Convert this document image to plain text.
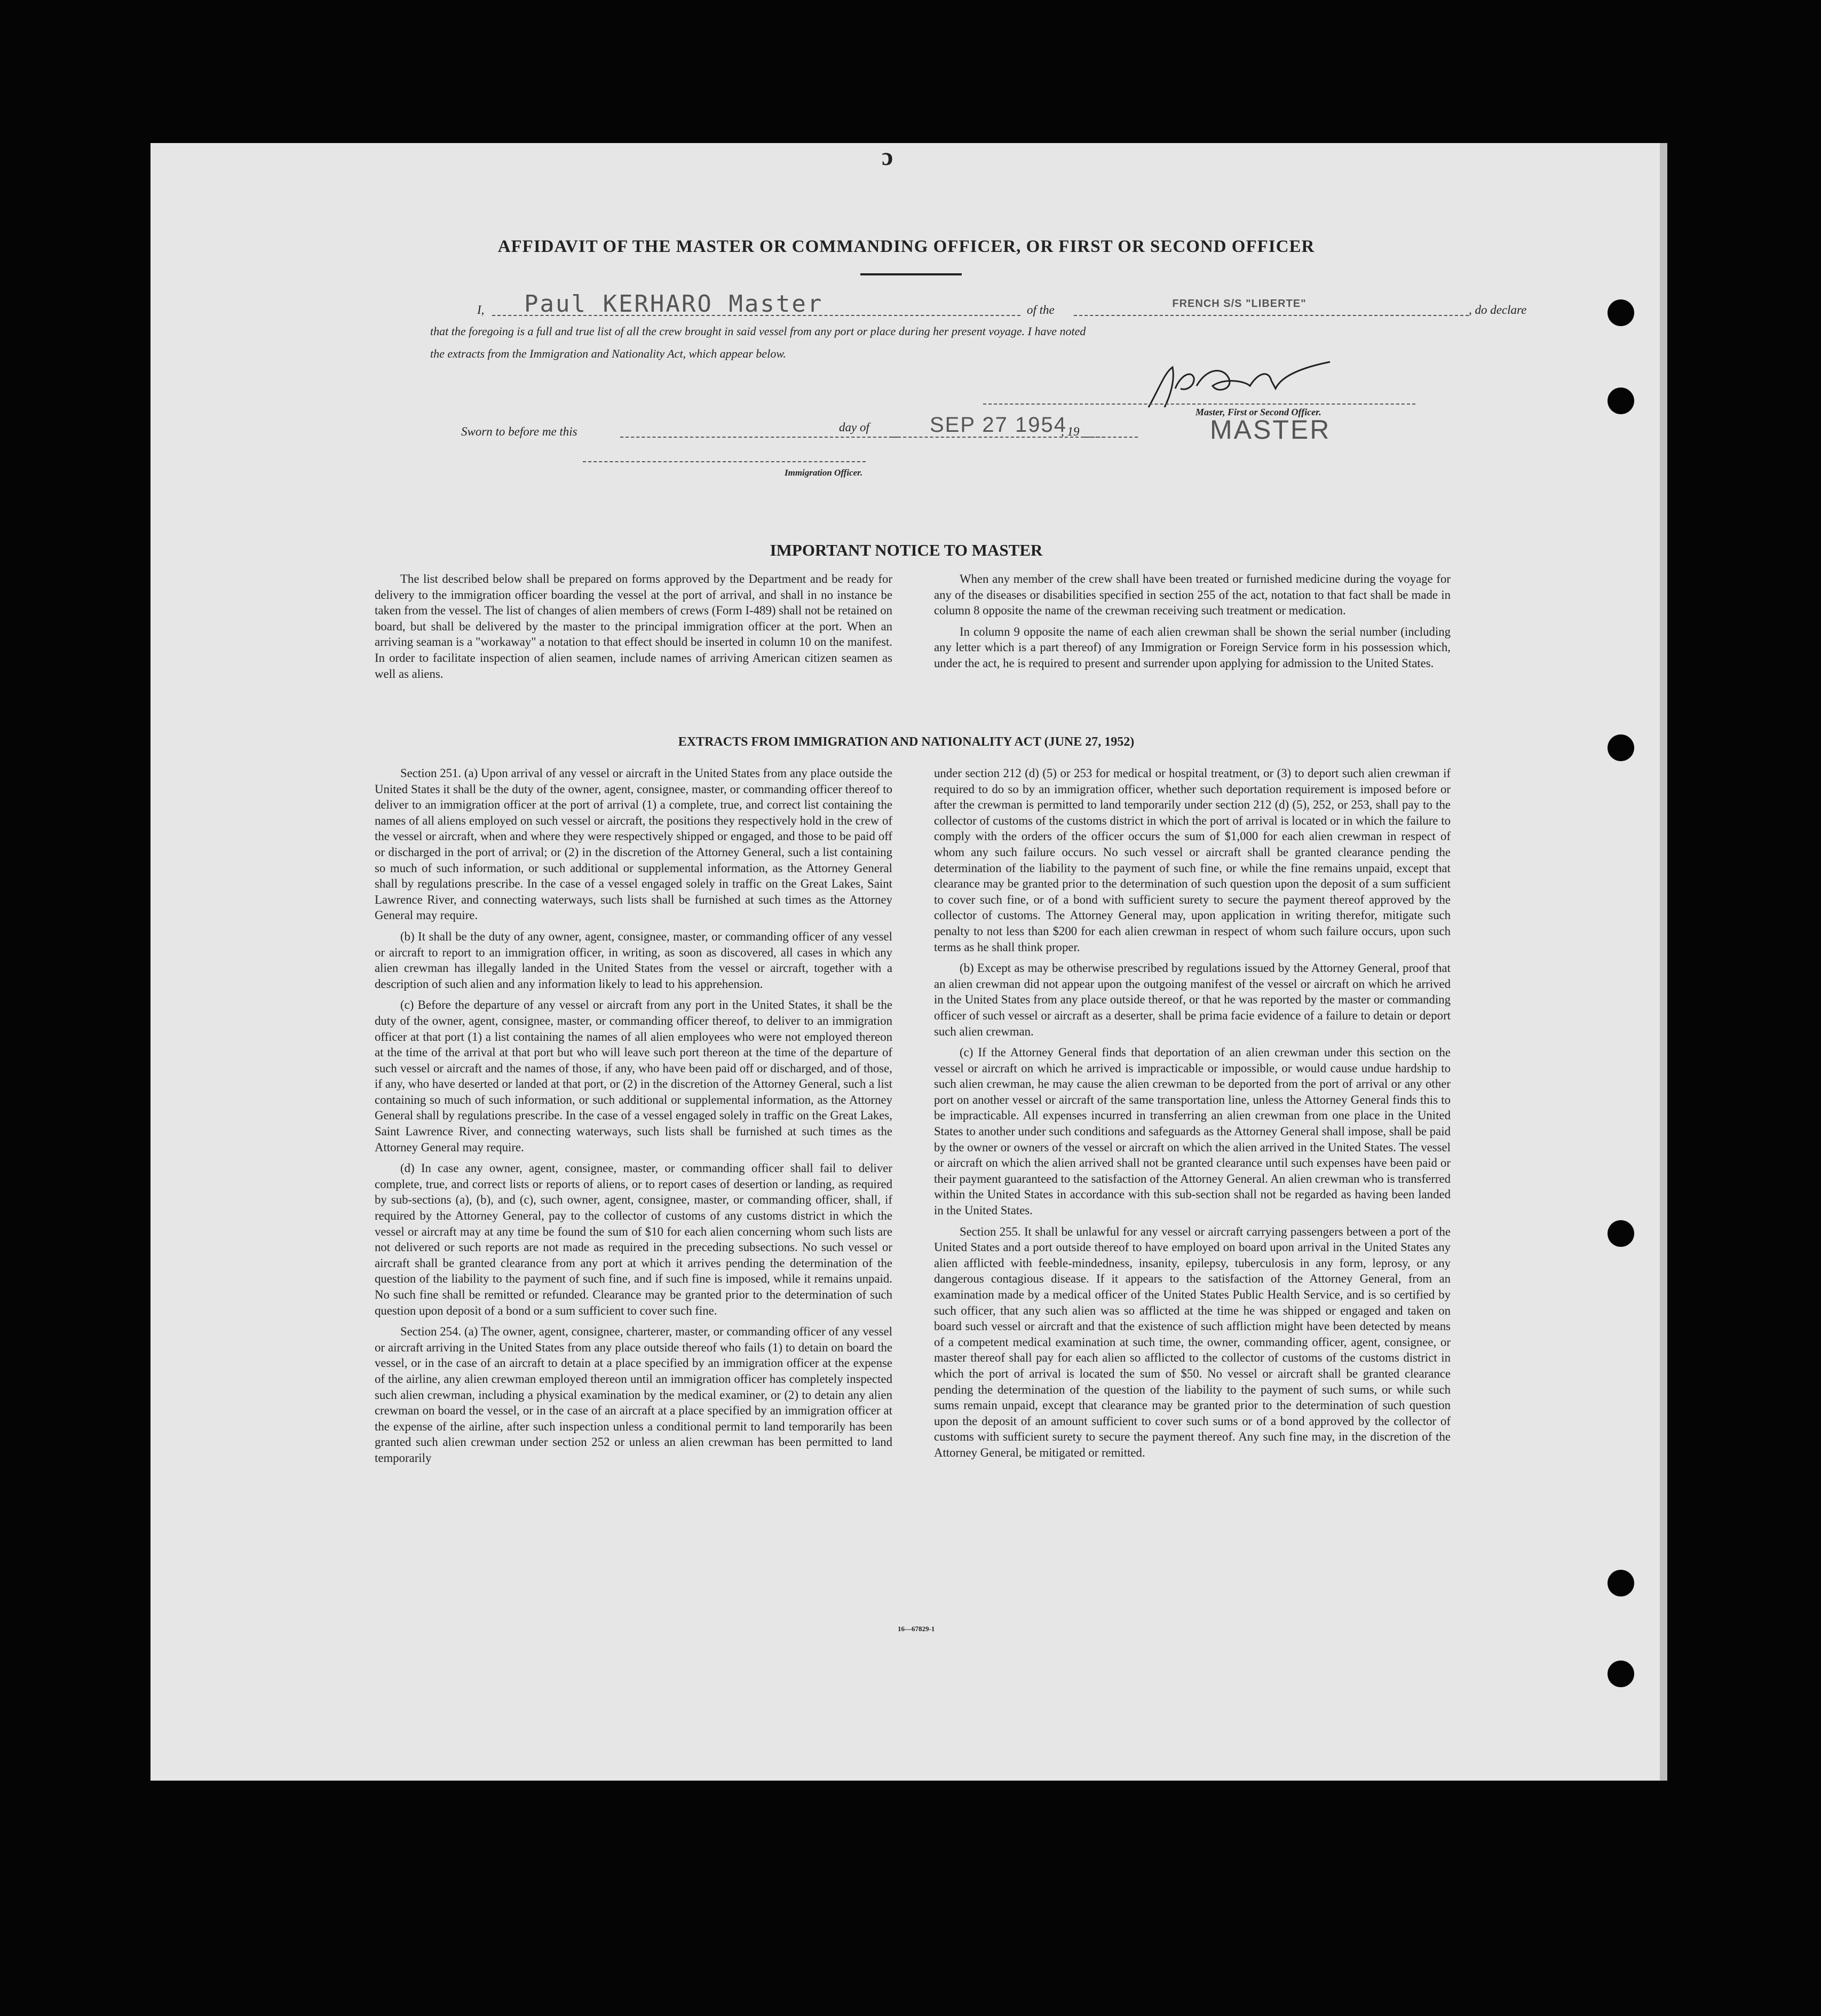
ɔ
AFFIDAVIT OF THE MASTER OR COMMANDING OFFICER, OR FIRST OR SECOND OFFICER
I, Paul KERHARO Master	of the	FRENCH S/S "LIBERTE"	, do declare
that the foregoing is a full and true list of all the crew brought in said vessel from any port or place during her present voyage. I have noted
the extracts from the Immigration and Nationality Act, which appear below.
Master, First or Second Officer.
MASTER
Sworn to before me this	day of	SEP 27 1954
, 19
Immigration Officer.
IMPORTANT NOTICE TO MASTER

The list described below shall be prepared on forms approved by the Department and be ready for delivery to the immigration officer boarding the vessel at the port of arrival, and shall in no instance be taken from the vessel. The list of changes of alien members of crews (Form I-489) shall not be retained on board, but shall be delivered by the master to the principal immigration officer at the port. When an arriving seaman is a "workaway" a notation to that effect should be inserted in column 10 on the manifest. In order to facilitate inspection of alien seamen, include names of arriving American citizen seamen as well as aliens.

When any member of the crew shall have been treated or furnished medicine during the voyage for any of the diseases or disabilities specified in section 255 of the act, notation to that fact shall be made in column 8 opposite the name of the crewman receiving such treatment or medication.

In column 9 opposite the name of each alien crewman shall be shown the serial number (including any letter which is a part thereof) of any Immigration or Foreign Service form in his possession which, under the act, he is required to present and surrender upon applying for admission to the United States.

EXTRACTS FROM IMMIGRATION AND NATIONALITY ACT (JUNE 27, 1952)

Section 251. (a) Upon arrival of any vessel or aircraft in the United States from any place outside the United States it shall be the duty of the owner, agent, consignee, master, or commanding officer thereof to deliver to an immigration officer at the port of arrival (1) a complete, true, and correct list containing the names of all aliens employed on such vessel or aircraft, the positions they respectively hold in the crew of the vessel or aircraft, when and where they were respectively shipped or engaged, and those to be paid off or discharged in the port of arrival; or (2) in the discretion of the Attorney General, such a list containing so much of such information, or such additional or supplemental information, as the Attorney General shall by regulations prescribe. In the case of a vessel engaged solely in traffic on the Great Lakes, Saint Lawrence River, and connecting waterways, such lists shall be furnished at such times as the Attorney General may require.

(b) It shall be the duty of any owner, agent, consignee, master, or commanding officer of any vessel or aircraft to report to an immigration officer, in writing, as soon as discovered, all cases in which any alien crewman has illegally landed in the United States from the vessel or aircraft, together with a description of such alien and any information likely to lead to his apprehension.

(c) Before the departure of any vessel or aircraft from any port in the United States, it shall be the duty of the owner, agent, consignee, master, or commanding officer thereof, to deliver to an immigration officer at that port (1) a list containing the names of all alien employees who were not employed thereon at the time of the arrival at that port but who will leave such port thereon at the time of the departure of such vessel or aircraft and the names of those, if any, who have been paid off or discharged, and of those, if any, who have deserted or landed at that port, or (2) in the discretion of the Attorney General, such a list containing so much of such information, or such additional or supplemental information, as the Attorney General shall by regulations prescribe. In the case of a vessel engaged solely in traffic on the Great Lakes, Saint Lawrence River, and connecting waterways, such lists shall be furnished at such times as the Attorney General may require.

(d) In case any owner, agent, consignee, master, or commanding officer shall fail to deliver complete, true, and correct lists or reports of aliens, or to report cases of desertion or landing, as required by sub-sections (a), (b), and (c), such owner, agent, consignee, master, or commanding officer, shall, if required by the Attorney General, pay to the collector of customs of any customs district in which the vessel or aircraft may at any time be found the sum of $10 for each alien concerning whom such lists are not delivered or such reports are not made as required in the preceding subsections. No such vessel or aircraft shall be granted clearance from any port at which it arrives pending the determination of the question of the liability to the payment of such fine, and if such fine is imposed, while it remains unpaid. No such fine shall be remitted or refunded. Clearance may be granted prior to the determination of such question upon deposit of a bond or a sum sufficient to cover such fine.

Section 254. (a) The owner, agent, consignee, charterer, master, or commanding officer of any vessel or aircraft arriving in the United States from any place outside thereof who fails (1) to detain on board the vessel, or in the case of an aircraft to detain at a place specified by an immigration officer at the expense of the airline, any alien crewman employed thereon until an immigration officer has completely inspected such alien crewman, including a physical examination by the medical examiner, or (2) to detain any alien crewman on board the vessel, or in the case of an aircraft at a place specified by an immigration officer at the expense of the airline, after such inspection unless a conditional permit to land temporarily has been granted such alien crewman under section 252 or unless an alien crewman has been permitted to land temporarily

under section 212 (d) (5) or 253 for medical or hospital treatment, or (3) to deport such alien crewman if required to do so by an immigration officer, whether such deportation requirement is imposed before or after the crewman is permitted to land temporarily under section 212 (d) (5), 252, or 253, shall pay to the collector of customs of the customs district in which the port of arrival is located or in which the failure to comply with the orders of the officer occurs the sum of $1,000 for each alien crewman in respect of whom any such failure occurs. No such vessel or aircraft shall be granted clearance pending the determination of the liability to the payment of such fine, or while the fine remains unpaid, except that clearance may be granted prior to the determination of such question upon the deposit of a sum sufficient to cover such fine, or of a bond with sufficient surety to secure the payment thereof approved by the collector of customs. The Attorney General may, upon application in writing therefor, mitigate such penalty to not less than $200 for each alien crewman in respect of whom such failure occurs, upon such terms as he shall think proper.

(b) Except as may be otherwise prescribed by regulations issued by the Attorney General, proof that an alien crewman did not appear upon the outgoing manifest of the vessel or aircraft on which he arrived in the United States from any place outside thereof, or that he was reported by the master or commanding officer of such vessel or aircraft as a deserter, shall be prima facie evidence of a failure to detain or deport such alien crewman.

(c) If the Attorney General finds that deportation of an alien crewman under this section on the vessel or aircraft on which he arrived is impracticable or impossible, or would cause undue hardship to such alien crewman, he may cause the alien crewman to be deported from the port of arrival or any other port on another vessel or aircraft of the same transportation line, unless the Attorney General finds this to be impracticable. All expenses incurred in transferring an alien crewman from one place in the United States to another under such conditions and safeguards as the Attorney General shall impose, shall be paid by the owner or owners of the vessel or aircraft on which the alien arrived in the United States. The vessel or aircraft on which the alien arrived shall not be granted clearance until such expenses have been paid or their payment guaranteed to the satisfaction of the Attorney General. An alien crewman who is transferred within the United States in accordance with this sub-section shall not be regarded as having been landed in the United States.

Section 255. It shall be unlawful for any vessel or aircraft carrying passengers between a port of the United States and a port outside thereof to have employed on board upon arrival in the United States any alien afflicted with feeble-mindedness, insanity, epilepsy, tuberculosis in any form, leprosy, or any dangerous contagious disease. If it appears to the satisfaction of the Attorney General, from an examination made by a medical officer of the United States Public Health Service, and is so certified by such officer, that any such alien was so afflicted at the time he was shipped or engaged and taken on board such vessel or aircraft and that the existence of such affliction might have been detected by means of a competent medical examination at such time, the owner, commanding officer, agent, consignee, or master thereof shall pay for each alien so afflicted to the collector of customs of the customs district in which the port of arrival is located the sum of $50. No vessel or aircraft shall be granted clearance pending the determination of the question of the liability to the payment of such sums, or while such sums remain unpaid, except that clearance may be granted prior to the determination of such question upon the deposit of an amount sufficient to cover such sums or of a bond approved by the collector of customs with sufficient surety to secure the payment thereof. Any such fine may, in the discretion of the Attorney General, be mitigated or remitted.

16—67829-1
